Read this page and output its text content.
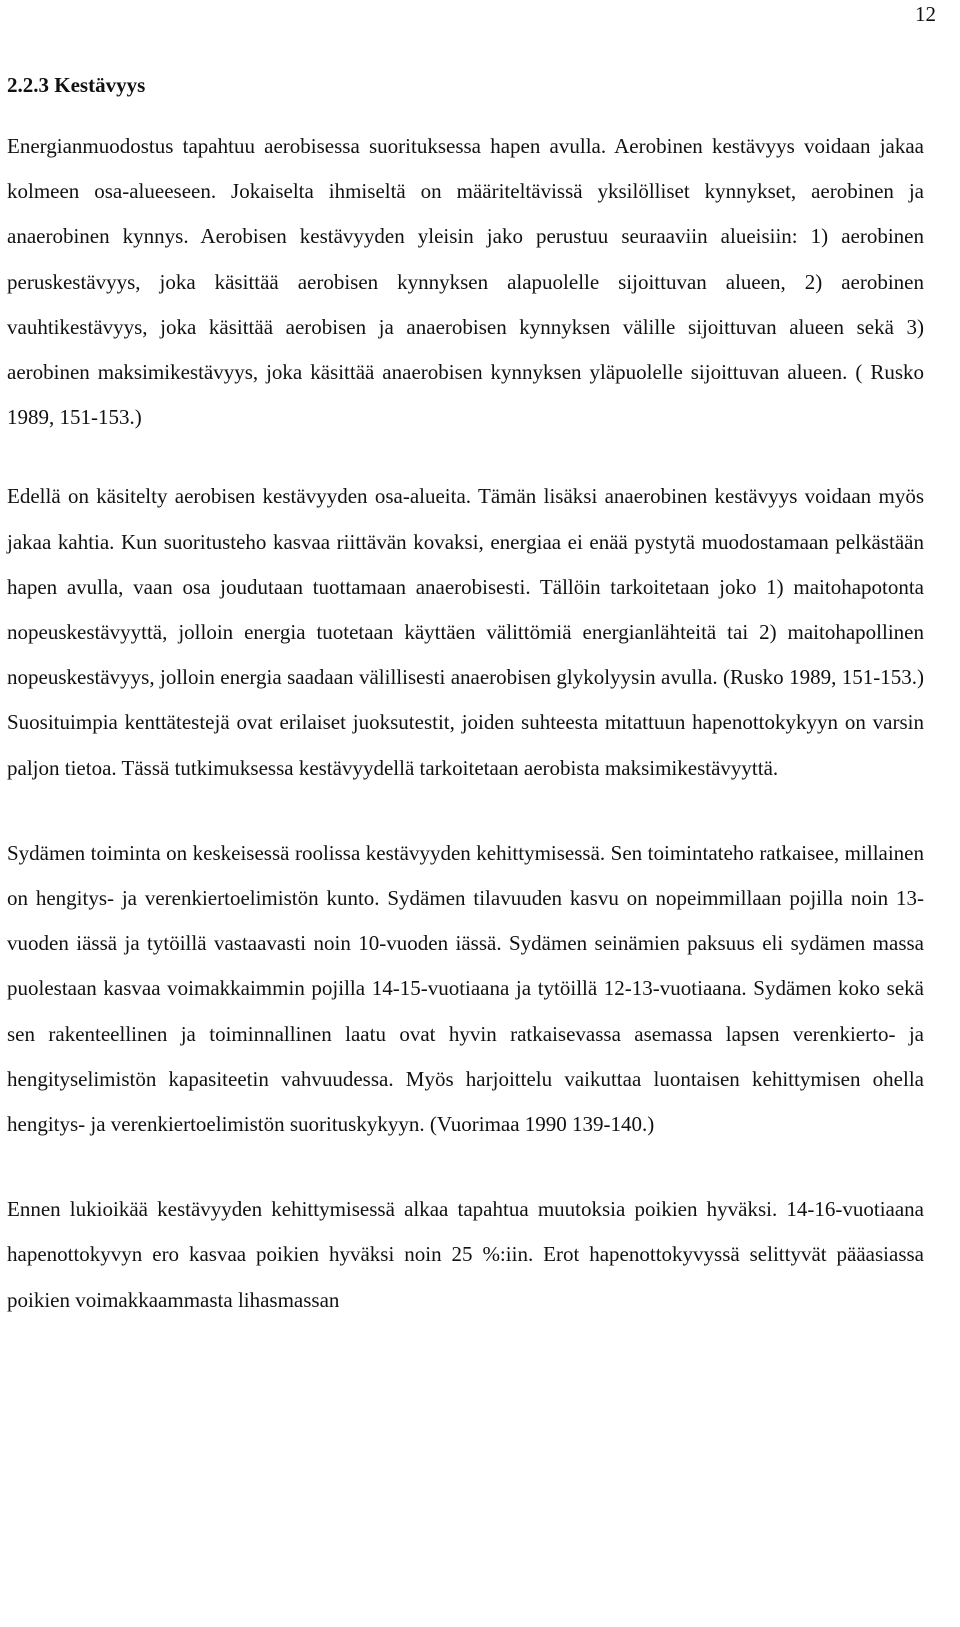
12
2.2.3 Kestävyys

Energianmuodostus tapahtuu aerobisessa suorituksessa hapen avulla. Aerobinen kestävyys voidaan jakaa kolmeen osa-alueeseen. Jokaiselta ihmiseltä on määriteltävissä yksilölliset kynnykset, aerobinen ja anaerobinen kynnys. Aerobisen kestävyyden yleisin jako perustuu seuraaviin alueisiin: 1) aerobinen peruskestävyys, joka käsittää aerobisen kynnyksen alapuolelle sijoittuvan alueen, 2) aerobinen vauhtikestävyys, joka käsittää aerobisen ja anaerobisen kynnyksen välille sijoittuvan alueen sekä 3) aerobinen maksimikestävyys, joka käsittää anaerobisen kynnyksen yläpuolelle sijoittuvan alueen. ( Rusko 1989, 151-153.)

Edellä on käsitelty aerobisen kestävyyden osa-alueita. Tämän lisäksi anaerobinen kestävyys voidaan myös jakaa kahtia. Kun suoritusteho kasvaa riittävän kovaksi, energiaa ei enää pystytä muodostamaan pelkästään hapen avulla, vaan osa joudutaan tuottamaan anaerobisesti. Tällöin tarkoitetaan joko 1) maitohapotonta nopeuskestävyyttä, jolloin energia tuotetaan käyttäen välittömiä energianlähteitä tai 2) maitohapollinen nopeuskestävyys, jolloin energia saadaan välillisesti anaerobisen glykolyysin avulla. (Rusko 1989, 151-153.) Suosituimpia kenttätestejä ovat erilaiset juoksutestit, joiden suhteesta mitattuun hapenottokykyyn on varsin paljon tietoa. Tässä tutkimuksessa kestävyydellä tarkoitetaan aerobista maksimikestävyyttä.

Sydämen toiminta on keskeisessä roolissa kestävyyden kehittymisessä. Sen toimintateho ratkaisee, millainen on hengitys- ja verenkiertoelimistön kunto. Sydämen tilavuuden kasvu on nopeimmillaan pojilla noin 13-vuoden iässä ja tytöillä vastaavasti noin 10-vuoden iässä. Sydämen seinämien paksuus eli sydämen massa puolestaan kasvaa voimakkaimmin pojilla 14-15-vuotiaana ja tytöillä 12-13-vuotiaana. Sydämen koko sekä sen rakenteellinen ja toiminnallinen laatu ovat hyvin ratkaisevassa asemassa lapsen verenkierto- ja hengityselimistön kapasiteetin vahvuudessa. Myös harjoittelu vaikuttaa luontaisen kehittymisen ohella hengitys- ja verenkiertoelimistön suorituskykyyn. (Vuorimaa 1990 139-140.)

Ennen lukioikää kestävyyden kehittymisessä alkaa tapahtua muutoksia poikien hyväksi. 14-16-vuotiaana hapenottokyvyn ero kasvaa poikien hyväksi noin 25 %:iin. Erot hapenottokyvyssä selittyvät pääasiassa poikien voimakkaammasta lihasmassan
